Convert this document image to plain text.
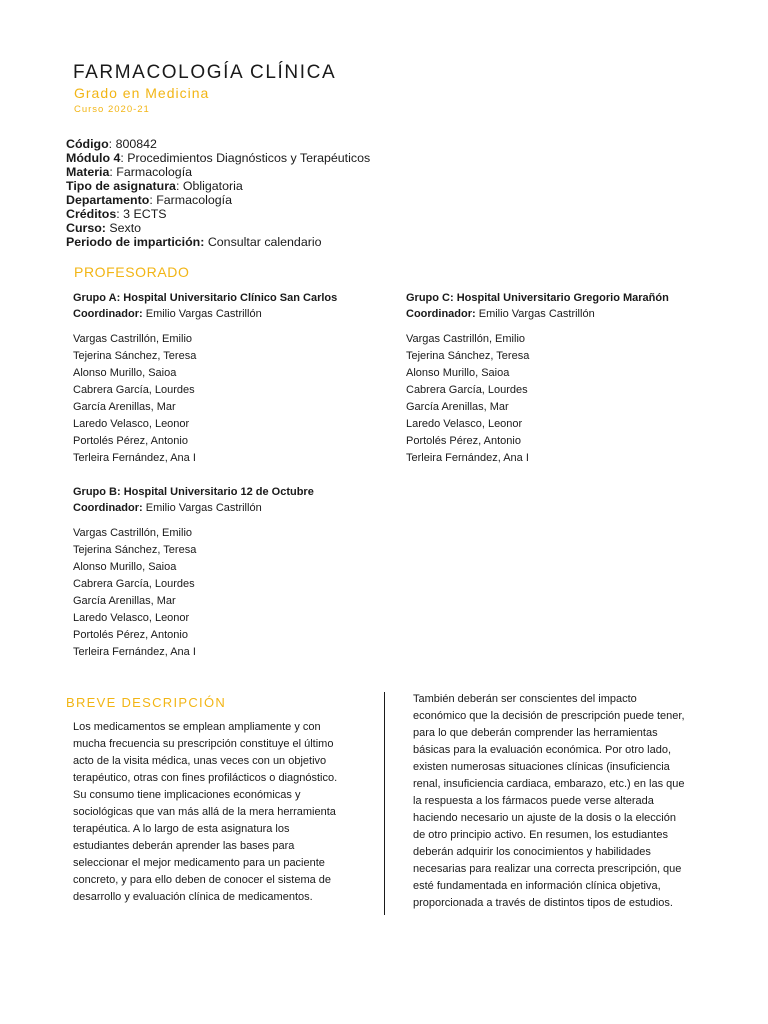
FARMACOLOGÍA CLÍNICA
Grado en Medicina
Curso 2020-21
Código: 800842
Módulo 4: Procedimientos Diagnósticos y Terapéuticos
Materia: Farmacología
Tipo de asignatura: Obligatoria
Departamento: Farmacología
Créditos: 3 ECTS
Curso: Sexto
Periodo de impartición: Consultar calendario
PROFESORADO
Grupo A: Hospital Universitario Clínico San Carlos
Coordinador: Emilio Vargas Castrillón
Vargas Castrillón, Emilio
Tejerina Sánchez, Teresa
Alonso Murillo, Saioa
Cabrera García, Lourdes
García Arenillas, Mar
Laredo Velasco, Leonor
Portolés Pérez, Antonio
Terleira Fernández, Ana I
Grupo C: Hospital Universitario Gregorio Marañón
Coordinador: Emilio Vargas Castrillón
Vargas Castrillón, Emilio
Tejerina Sánchez, Teresa
Alonso Murillo, Saioa
Cabrera García, Lourdes
García Arenillas, Mar
Laredo Velasco, Leonor
Portolés Pérez, Antonio
Terleira Fernández, Ana I
Grupo B: Hospital Universitario 12 de Octubre
Coordinador: Emilio Vargas Castrillón
Vargas Castrillón, Emilio
Tejerina Sánchez, Teresa
Alonso Murillo, Saioa
Cabrera García, Lourdes
García Arenillas, Mar
Laredo Velasco, Leonor
Portolés Pérez, Antonio
Terleira Fernández, Ana I
BREVE DESCRIPCIÓN
Los medicamentos se emplean ampliamente y con
mucha frecuencia su prescripción constituye el último
acto de la visita médica, unas veces con un objetivo
terapéutico, otras con fines profilácticos o diagnóstico.
Su consumo tiene implicaciones económicas y
sociológicas que van más allá de la mera herramienta
terapéutica. A lo largo de esta asignatura los
estudiantes deberán aprender las bases para
seleccionar el mejor medicamento para un paciente
concreto, y para ello deben de conocer el sistema de
desarrollo y evaluación clínica de medicamentos.
También deberán ser conscientes del impacto
económico que la decisión de prescripción puede tener,
para lo que deberán comprender las herramientas
básicas para la evaluación económica. Por otro lado,
existen numerosas situaciones clínicas (insuficiencia
renal, insuficiencia cardiaca, embarazo, etc.) en las que
la respuesta a los fármacos puede verse alterada
haciendo necesario un ajuste de la dosis o la elección
de otro principio activo. En resumen, los estudiantes
deberán adquirir los conocimientos y habilidades
necesarias para realizar una correcta prescripción, que
esté fundamentada en información clínica objetiva,
proporcionada a través de distintos tipos de estudios.
